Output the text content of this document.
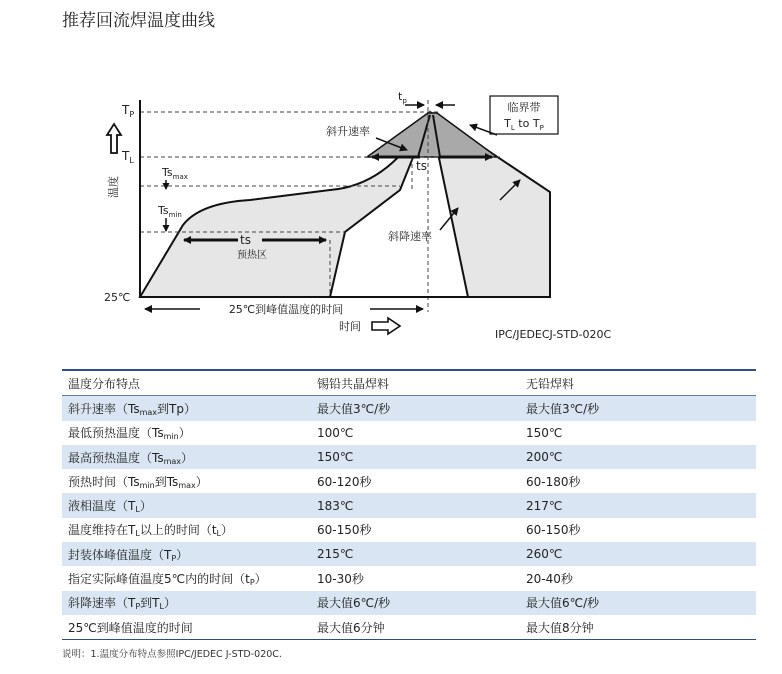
推荐回流焊温度曲线
温度
$T_P$
$T_L$
$Ts_{max}$
$Ts_{min}$
25℃
$t_p$	临界带
$T_L$ to $T_P$
斜升速率
ts
斜降速率
ts
预热区
25℃到峰值温度的时间
时间
IPC/JEDECJ-STD-020C
温度分布特点	锡铅共晶焊料	无铅焊料
斜升速率（$Ts_{max}$到Tp）	最大值3℃/秒	最大值3℃/秒
最低预热温度$(Ts_{min})$	100℃	150℃
最高预热温度$(Ts_{max})$	150℃	200℃
预热时间（$Ts_{min}$到$Ts_{max}$）	60-120秒	60-180秒
液相温度$(T_L)$	183℃	217℃
温度维持在$T_L$以上的时间$(t_L)$	60-150秒	60-150秒
封装体峰值温度$(T_P)$	215℃	260℃
指定实际峰值温度5℃内的时间$(t_P)$	10-30秒	20-40秒
斜降速率（$T_P$到$T_L$）	最大值6℃/秒	最大值6℃/秒
25℃到峰值温度的时间	最大值6分钟	最大值8分钟
说明：1.温度分布特点参照IPC/JEDEC J-STD-020C.
